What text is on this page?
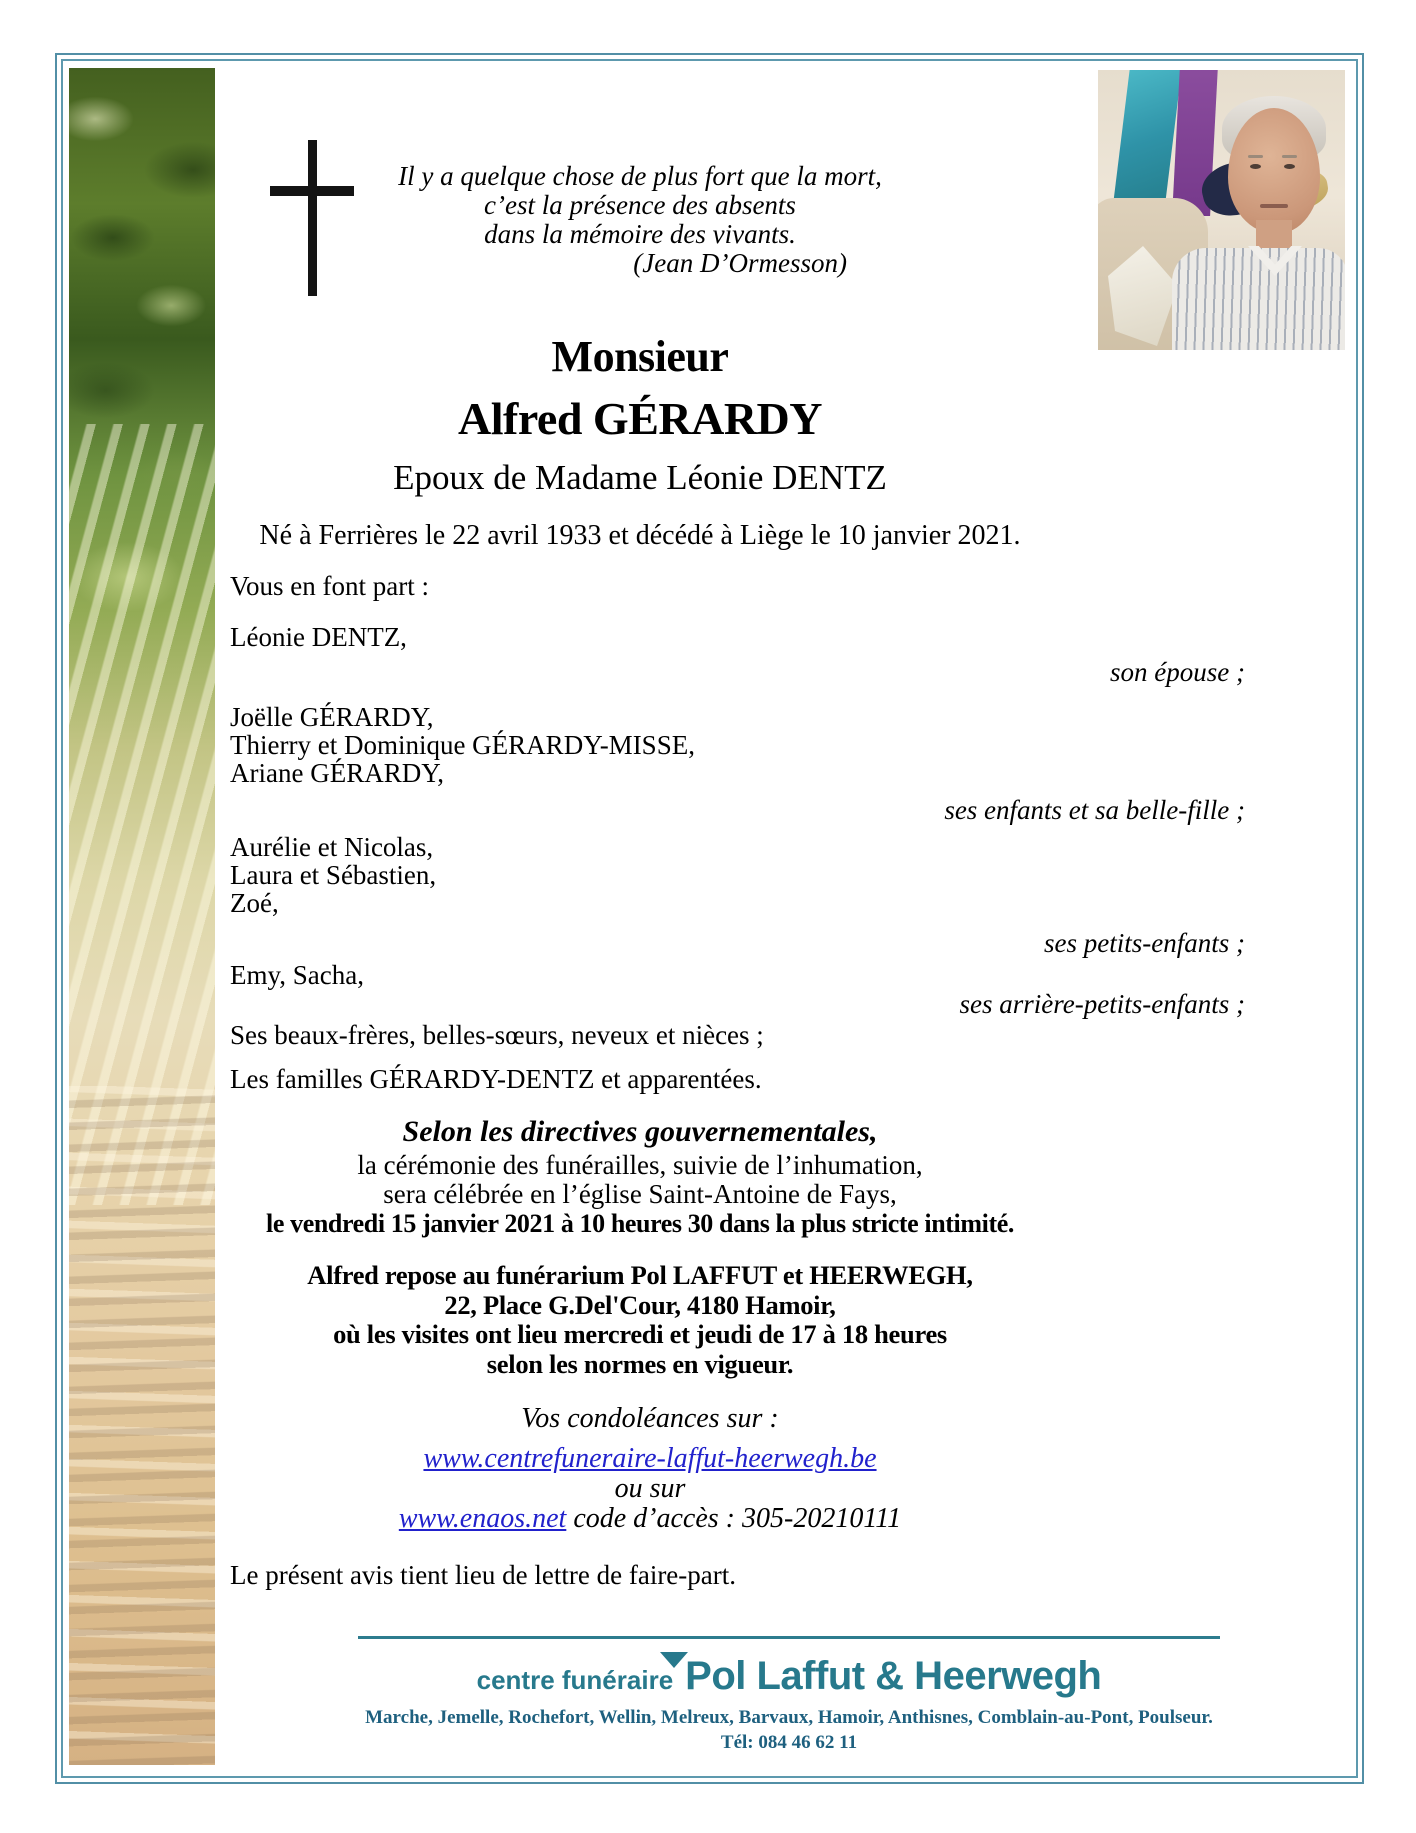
Il y a quelque chose de plus fort que la mort,
c’est la présence des absents
dans la mémoire des vivants.
(Jean D’Ormesson)
Monsieur
Alfred GÉRARDY
Epoux de Madame Léonie DENTZ
Né à Ferrières le 22 avril 1933 et décédé à Liège le 10 janvier 2021.
Vous en font part :
Léonie DENTZ,
son épouse ;
Joëlle GÉRARDY,
Thierry et Dominique GÉRARDY-MISSE,
Ariane GÉRARDY,
ses enfants et sa belle-fille ;
Aurélie et Nicolas,
Laura et Sébastien,
Zoé,
ses petits-enfants ;
Emy, Sacha,
ses arrière-petits-enfants ;
Ses beaux-frères, belles-sœurs, neveux et nièces ;
Les familles GÉRARDY-DENTZ et apparentées.
Selon les directives gouvernementales,
la cérémonie des funérailles, suivie de l’inhumation,
sera célébrée en l’église Saint-Antoine de Fays,
le vendredi 15 janvier 2021 à 10 heures 30 dans la plus stricte intimité.
Alfred repose au funérarium Pol LAFFUT et HEERWEGH,
22, Place G.Del'Cour, 4180 Hamoir,
où les visites ont lieu mercredi et jeudi de 17 à 18 heures
selon les normes en vigueur.
Vos condoléances sur :
www.centrefuneraire-laffut-heerwegh.be
ou sur
www.enaos.net
code d’accès : 305-20210111
Le présent avis tient lieu de lettre de faire-part.
centre funéraire Pol Laffut & Heerwegh
Marche, Jemelle, Rochefort, Wellin, Melreux, Barvaux, Hamoir, Anthisnes, Comblain-au-Pont, Poulseur.
Tél: 084 46 62 11
